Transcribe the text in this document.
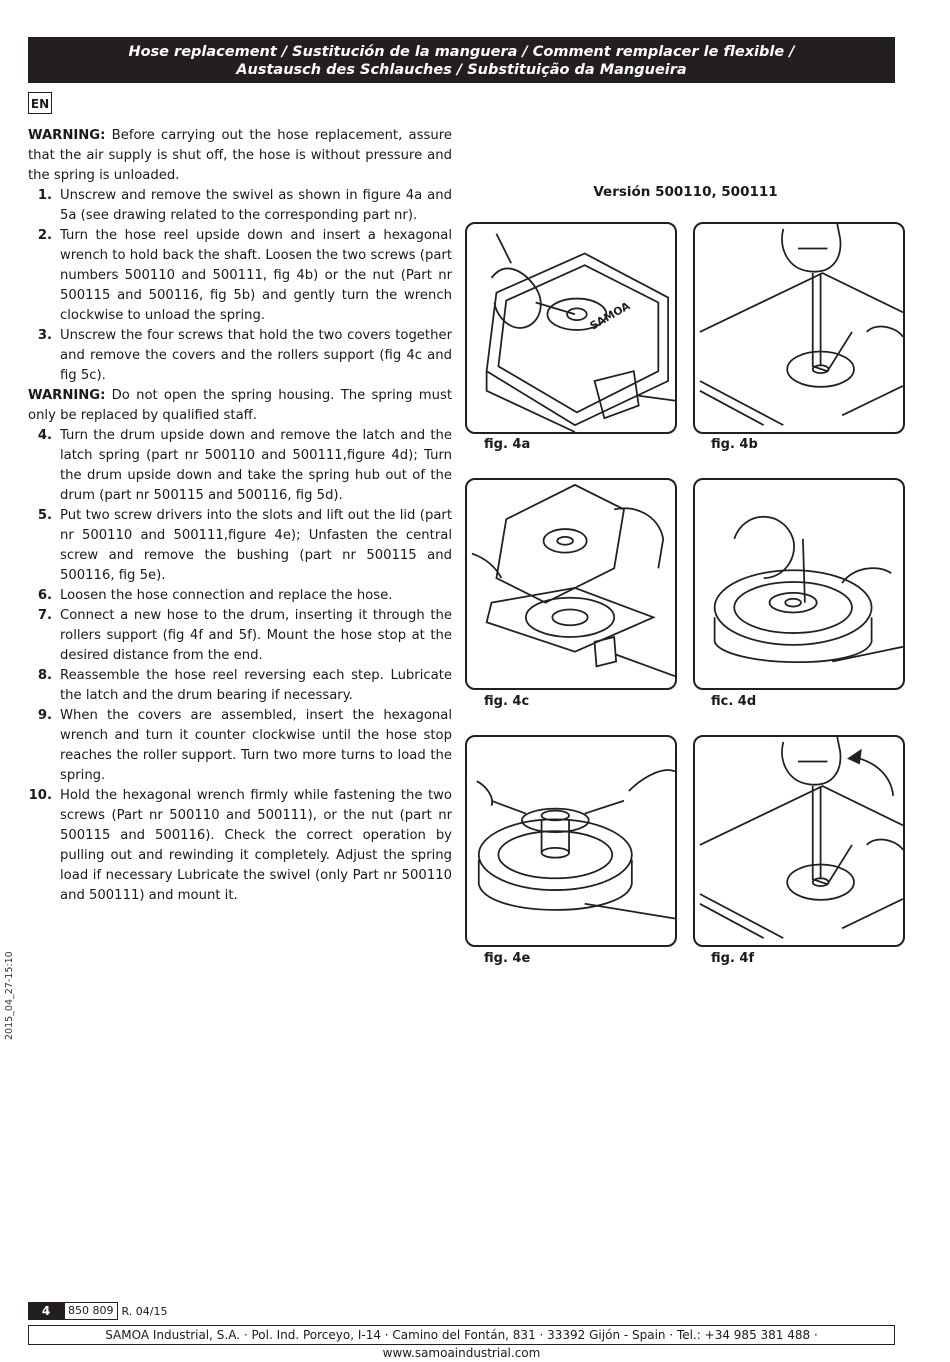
Hose replacement / Sustitución de la manguera / Comment remplacer le flexible /
Austausch des Schlauches / Substituição da Mangueira
EN

WARNING: Before carrying out the hose replacement, assure that the air supply is shut off, the hose is without pressure and the spring is unloaded.

1. Unscrew and remove the swivel as shown in figure 4a and 5a (see drawing related to the corresponding part nr).
2. Turn the hose reel upside down and insert a hexagonal wrench to hold back the shaft. Loosen the two screws (part numbers 500110 and 500111, fig 4b) or the nut (Part nr 500115 and 500116, fig 5b) and gently turn the wrench clockwise to unload the spring.
3. Unscrew the four screws that hold the two covers together and remove the covers and the rollers support (fig 4c and fig 5c).

WARNING: Do not open the spring housing. The spring must only be replaced by qualified staff.

4. Turn the drum upside down and remove the latch and the latch spring (part nr 500110 and 500111,figure 4d); Turn the drum upside down and take the spring hub out of the drum (part nr 500115 and 500116, fig 5d).
5. Put two screw drivers into the slots and lift out the lid (part nr 500110 and 500111,figure 4e); Unfasten the central screw and remove the bushing (part nr 500115 and 500116, fig 5e).
6. Loosen the hose connection and replace the hose.
7. Connect a new hose to the drum, inserting it through the rollers support (fig 4f and 5f). Mount the hose stop at the desired distance from the end.
8. Reassemble the hose reel reversing each step. Lubricate the latch and the drum bearing if necessary.
9. When the covers are assembled, insert the hexagonal wrench and turn it counter clockwise until the hose stop reaches the roller support. Turn two more turns to load the spring.
10. Hold the hexagonal wrench firmly while fastening the two screws (Part nr 500110 and 500111), or the nut (part nr 500115 and 500116). Check the correct operation by pulling out and rewinding it completely. Adjust the spring load if necessary Lubricate the swivel (only Part nr 500110 and 500111) and mount it.
Versión 500110, 500111
SAMOA
fig. 4a	fig. 4b
fig. 4c	fic. 4d
fig. 4e	fig. 4f
2015_04_27-15:10
4	850 809 R. 04/15
SAMOA Industrial, S.A. · Pol. Ind. Porceyo, I-14 · Camino del Fontán, 831 · 33392 Gijón - Spain · Tel.: +34 985 381 488 · www.samoaindustrial.com
